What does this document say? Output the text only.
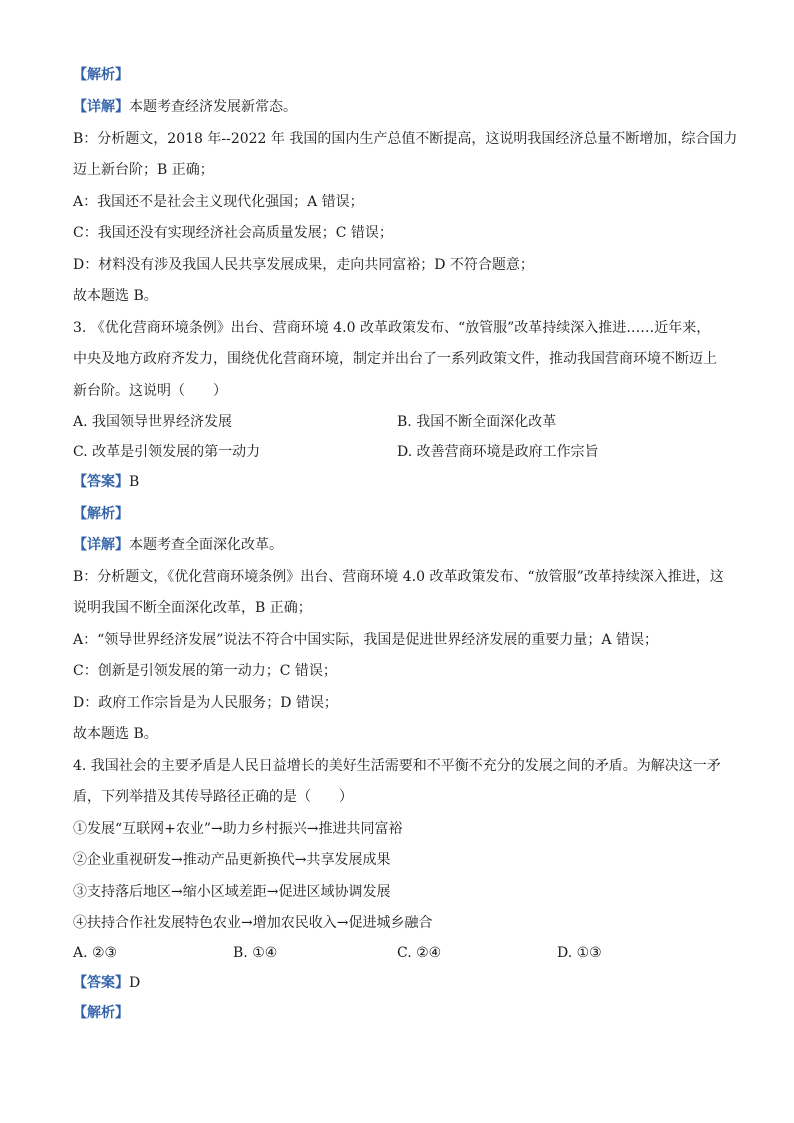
【解析】
【详解】本题考查经济发展新常态。
B：分析题文，2018 年--2022 年 我国的国内生产总值不断提高，这说明我国经济总量不断增加，综合国力
迈上新台阶；B 正确；
A：我国还不是社会主义现代化强国；A 错误；
C：我国还没有实现经济社会高质量发展；C 错误；
D：材料没有涉及我国人民共享发展成果，走向共同富裕；D 不符合题意；
故本题选 B。
3. 《优化营商环境条例》出台、营商环境 4.0 改革政策发布、“放管服”改革持续深入推进……近年来，
中央及地方政府齐发力，围绕优化营商环境，制定并出台了一系列政策文件，推动我国营商环境不断迈上
新台阶。这说明（　　）
A. 我国领导世界经济发展	B. 我国不断全面深化改革
C. 改革是引领发展的第一动力	D. 改善营商环境是政府工作宗旨
【答案】B
【解析】
【详解】本题考查全面深化改革。
B：分析题文，《优化营商环境条例》出台、营商环境 4.0 改革政策发布、“放管服”改革持续深入推进，这
说明我国不断全面深化改革，B 正确；
A：“领导世界经济发展”说法不符合中国实际，我国是促进世界经济发展的重要力量；A 错误；
C：创新是引领发展的第一动力；C 错误；
D：政府工作宗旨是为人民服务；D 错误；
故本题选 B。
4. 我国社会的主要矛盾是人民日益增长的美好生活需要和不平衡不充分的发展之间的矛盾。为解决这一矛
盾，下列举措及其传导路径正确的是（　　）
①发展“互联网+农业”→助力乡村振兴→推进共同富裕
②企业重视研发→推动产品更新换代→共享发展成果
③支持落后地区→缩小区域差距→促进区域协调发展
④扶持合作社发展特色农业→增加农民收入→促进城乡融合
A. ②③	B. ①④	C. ②④	D. ①③
【答案】D
【解析】
